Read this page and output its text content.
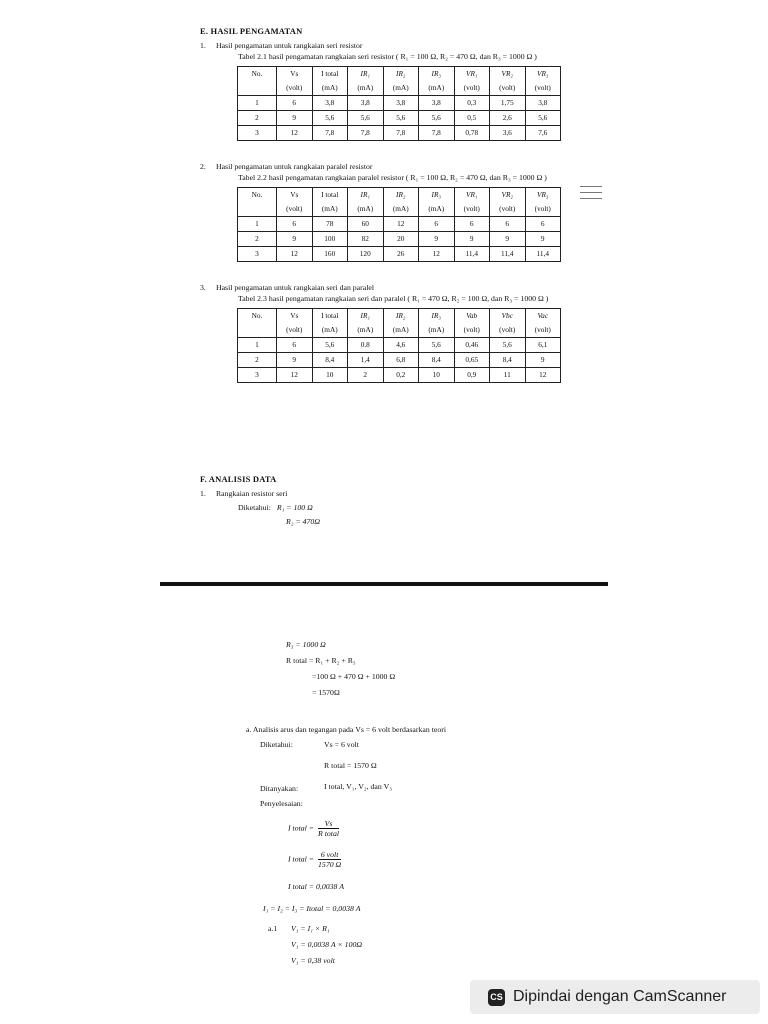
E. HASIL PENGAMATAN
1. Hasil pengamatan untuk rangkaian seri resistor
Tabel 2.1 hasil pengamatan rangkaian seri resistor ( R₁ = 100 Ω, R₂ = 470 Ω, dan R₃ = 1000 Ω )
No.	Vs	I total	IR₁	IR₂	IR₃	VR₁	VR₂	VR₃
	(volt)	(mA)	(mA)	(mA)	(mA)	(volt)	(volt)	(volt)
1	6	3,8	3,8	3,8	3,8	0,3	1,75	3,8
2	9	5,6	5,6	5,6	5,6	0,5	2,6	5,6
3	12	7,8	7,8	7,8	7,8	0,78	3,6	7,6
2. Hasil pengamatan untuk rangkaian paralel resistor
Tabel 2.2 hasil pengamatan rangkaian paralel resistor ( R₁ = 100 Ω, R₂ = 470 Ω, dan R₃ = 1000 Ω )
No.	Vs	I total	IR₁	IR₂	IR₃	VR₁	VR₂	VR₃
	(volt)	(mA)	(mA)	(mA)	(mA)	(volt)	(volt)	(volt)
1	6	78	60	12	6	6	6	6
2	9	100	82	20	9	9	9	9
3	12	160	120	26	12	11,4	11,4	11,4
3. Hasil pengamatan untuk rangkaian seri dan paralel
Tabel 2.3 hasil pengamatan rangkaian seri dan paralel ( R₁ = 470 Ω, R₂ = 100 Ω, dan R₃ = 1000 Ω )
No.	Vs	I total	IR₁	IR₂	IR₃	Vab	Vbc	Vac
	(volt)	(mA)	(mA)	(mA)	(mA)	(volt)	(volt)	(volt)
1	6	5,6	0.8	4,6	5,6	0,46	5,6	6,1
2	9	8,4	1,4	6,8	8,4	0,65	8,4	9
3	12	10	2	0,2	10	0,9	11	12
F. ANALISIS DATA
1. Rangkaian resistor seri
Diketahui: R₁ = 100 Ω
R₂ = 470Ω
R₃ = 1000 Ω
R total = R₁ + R₂ + R₃
=100 Ω + 470 Ω + 1000 Ω
= 1570Ω
a. Analisis arus dan tegangan pada Vs = 6 volt berdasarkan teori
Diketahui:	Vs = 6 volt
R total = 1570 Ω
Ditanyakan:	I total, V₁, V₂, dan V₃
Penyelesaian:
I total = $\frac{Vs}{\text{R total}}$
I total = $\frac{\text{6 volt}}{1570 \Omega}$
I total = 0,0038 A
I₁ = I₂ = I₃ = Itotal = 0,0038 A
a.1 V₁ = I₁ × R₁
V₁ = 0,0038 A × 100Ω
V₁ = 0,38 volt
CS Dipindai dengan CamScanner
